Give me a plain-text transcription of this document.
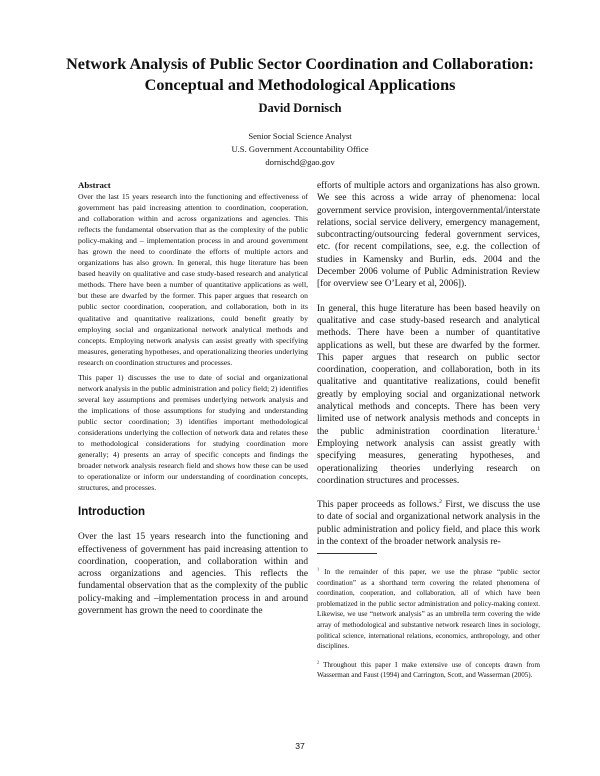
Network Analysis of Public Sector Coordination and Collaboration:
Conceptual and Methodological Applications
David Dornisch
Senior Social Science Analyst
U.S. Government Accountability Office
dornischd@gao.gov
Abstract

Over the last 15 years research into the functioning and effectiveness of government has paid increasing attention to coordination, cooperation, and collaboration within and across organizations and agencies. This reflects the fundamental observation that as the complexity of the public policy-making and – implementation process in and around government has grown the need to coordinate the efforts of multiple actors and organizations has also grown. In general, this huge literature has been based heavily on qualitative and case study-based research and analytical methods. There have been a number of quantitative applications as well, but these are dwarfed by the former. This paper argues that research on public sector coordination, cooperation, and collaboration, both in its qualitative and quantitative realizations, could benefit greatly by employing social and organizational network analytical methods and concepts. Employing network analysis can assist greatly with specifying measures, generating hypotheses, and operationalizing theories underlying research on coordination structures and processes.

This paper 1) discusses the use to date of social and organizational network analysis in the public administration and policy field; 2) identifies several key assumptions and premises underlying network analysis and the implications of those assumptions for studying and understanding public sector coordination; 3) identifies important methodological considerations underlying the collection of network data and relates these to methodological considerations for studying coordination more generally; 4) presents an array of specific concepts and findings the broader network analysis research field and shows how these can be used to operationalize or inform our understanding of coordination concepts, structures, and processes.

Introduction

Over the last 15 years research into the functioning and effectiveness of government has paid increasing attention to coordination, cooperation, and collaboration within and across organizations and agencies. This reflects the fundamental observation that as the complexity of the public policy-making and –implementation process in and around government has grown the need to coordinate the

efforts of multiple actors and organizations has also grown. We see this across a wide array of phenomena: local government service provision, intergovernmental/interstate relations, social service delivery, emergency management, subcontracting/outsourcing federal government services, etc. (for recent compilations, see, e.g. the collection of studies in Kamensky and Burlin, eds. 2004 and the December 2006 volume of Public Administration Review [for overview see O’Leary et al, 2006]).

In general, this huge literature has been based heavily on qualitative and case study-based research and analytical methods. There have been a number of quantitative applications as well, but these are dwarfed by the former. This paper argues that research on public sector coordination, cooperation, and collaboration, both in its qualitative and quantitative realizations, could benefit greatly by employing social and organizational network analytical methods and concepts. There has been very limited use of network analysis methods and concepts in the public administration coordination literature.$^1$ Employing network analysis can assist greatly with specifying measures, generating hypotheses, and operationalizing theories underlying research on coordination structures and processes.

This paper proceeds as follows.$^2$ First, we discuss the use to date of social and organizational network analysis in the public administration and policy field, and place this work in the context of the broader network analysis re-

$^1$ In the remainder of this paper, we use the phrase “public sector coordination” as a shorthand term covering the related phenomena of coordination, cooperation, and collaboration, all of which have been problematized in the public sector administration and policy-making context. Likewise, we use “network analysis” as an umbrella term covering the wide array of methodological and substantive network research lines in sociology, political science, international relations, economics, anthropology, and other disciplines.

$^2$ Throughout this paper I make extensive use of concepts drawn from Wasserman and Faust (1994) and Carrington, Scott, and Wasserman (2005).

37
